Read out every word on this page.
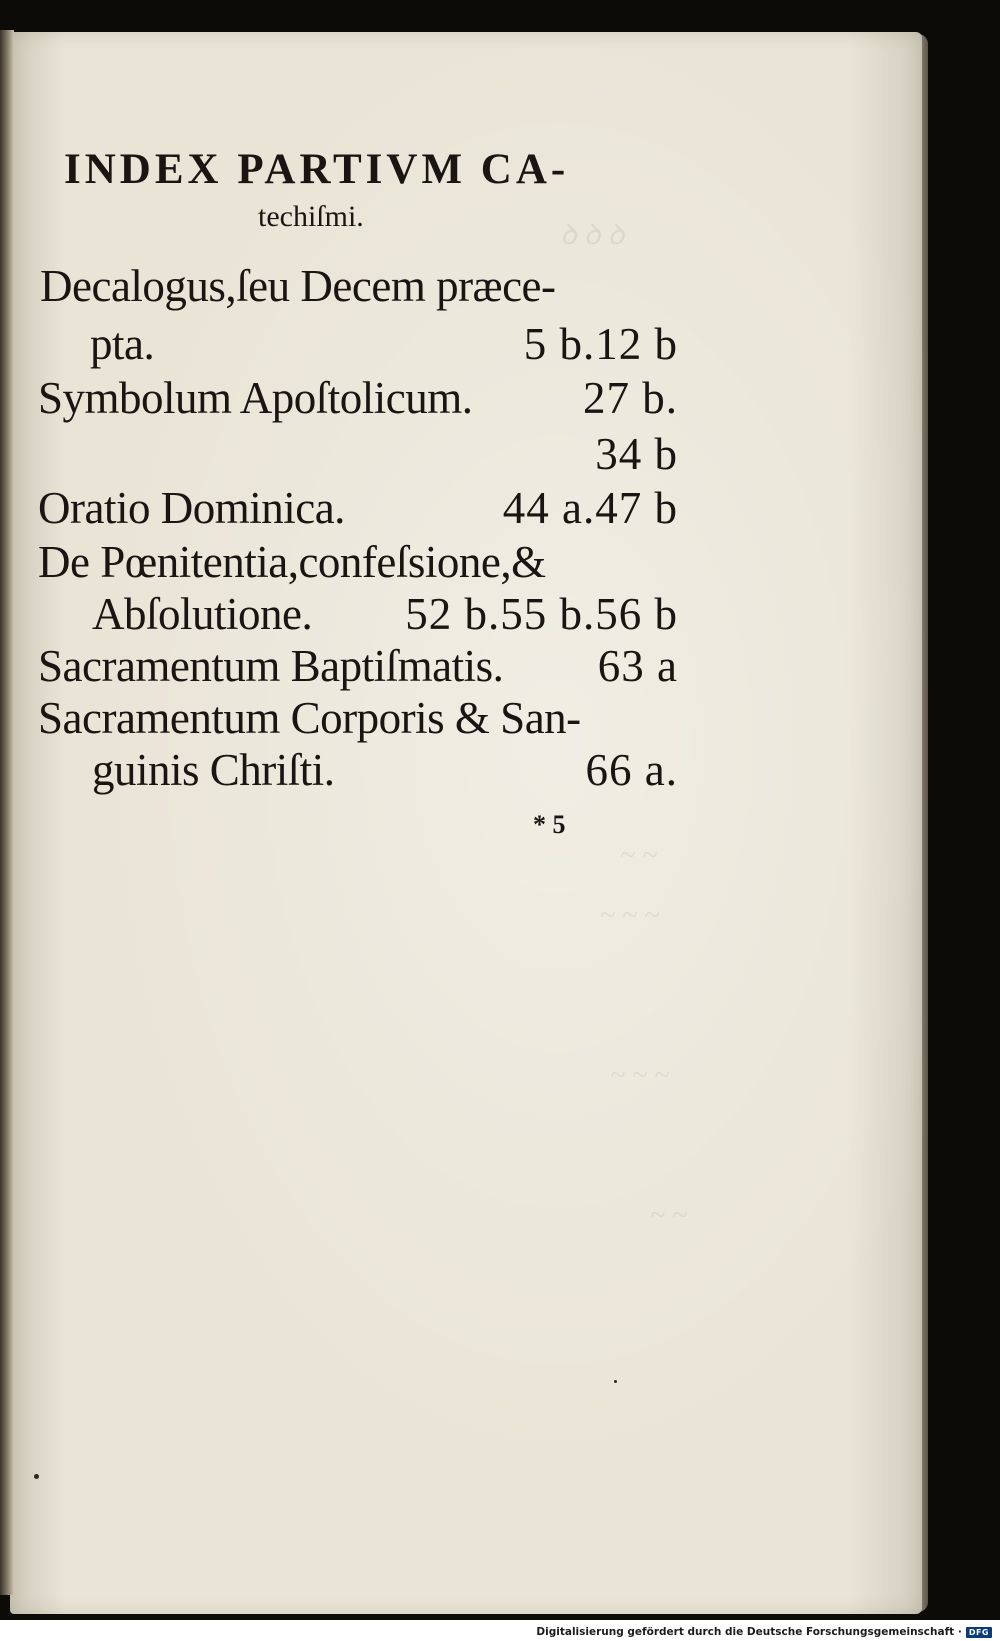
ꝺ ꝺ ꝺ
~ ~
~ ~ ~
~ ~ ~
~ ~
INDEX PARTIVM CA-
techiſmi.
Decalogus,ſeu Decem præce-
pta.	5 b.12 b
Symbolum Apoſtolicum. 27 b.
34 b
Oratio Dominica.	44 a.47 b
De Pœnitentia,confeſsione,&
Abſolutione. 52 b.55 b.56 b
Sacramentum Baptiſmatis. 63 a
Sacramentum Corporis & San-
guinis Chriſti.	66 a.
* 5
Digitalisierung gefördert durch die Deutsche Forschungsgemeinschaft · DFG
